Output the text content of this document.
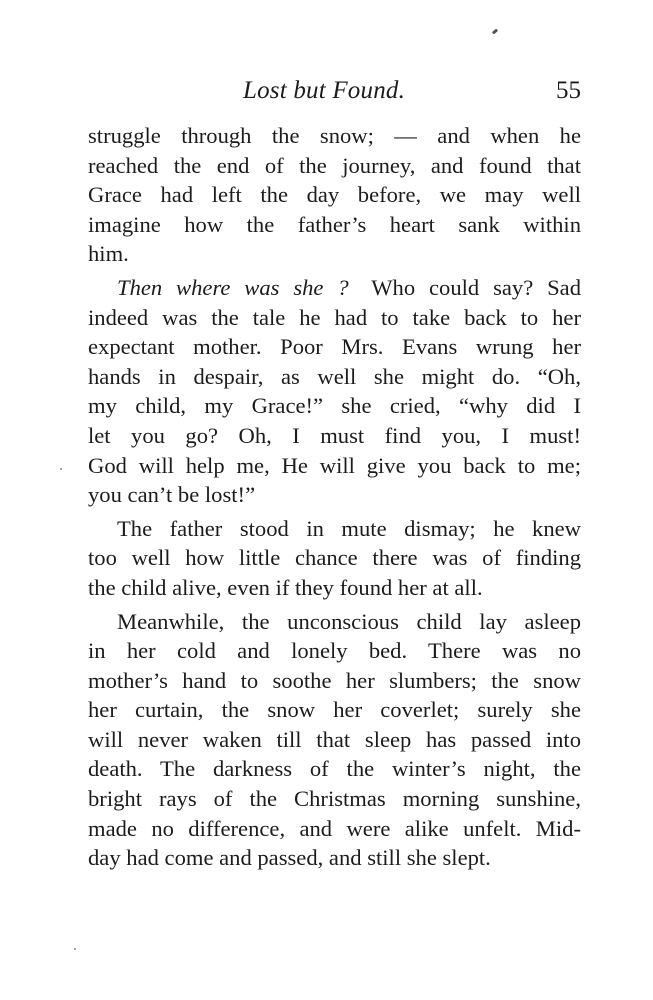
Lost but Found.	55

struggle through the snow; — and when he
reached the end of the journey, and found that
Grace had left the day before, we may well
imagine how the father’s heart sank within
him.

Then where was she ?  Who could say? Sad
indeed was the tale he had to take back to her
expectant mother. Poor Mrs. Evans wrung her
hands in despair, as well she might do. “Oh,
my child, my Grace!” she cried, “why did I
let you go? Oh, I must find you, I must!
God will help me, He will give you back to me;
you can’t be lost!”

The father stood in mute dismay; he knew
too well how little chance there was of finding
the child alive, even if they found her at all.

Meanwhile, the unconscious child lay asleep
in her cold and lonely bed. There was no
mother’s hand to soothe her slumbers; the snow
her curtain, the snow her coverlet; surely she
will never waken till that sleep has passed into
death. The darkness of the winter’s night, the
bright rays of the Christmas morning sunshine,
made no difference, and were alike unfelt. Mid-
day had come and passed, and still she slept.
